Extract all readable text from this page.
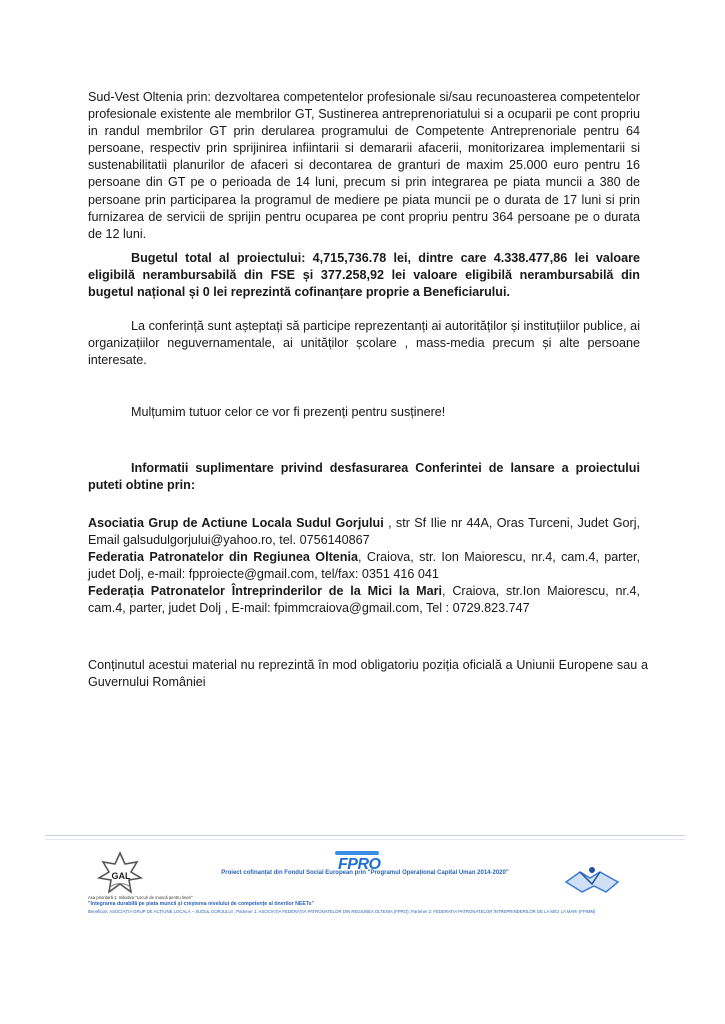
Sud-Vest Oltenia prin: dezvoltarea competentelor profesionale si/sau recunoasterea competentelor profesionale existente ale membrilor GT, Sustinerea antreprenoriatului si a ocuparii pe cont propriu in randul membrilor GT prin derularea programului de Competente Antreprenoriale pentru 64 persoane, respectiv prin sprijinirea infiintarii si demararii afacerii, monitorizarea implementarii si sustenabilitatii planurilor de afaceri si decontarea de granturi de maxim 25.000 euro pentru 16 persoane din GT pe o perioada de 14 luni, precum si prin integrarea pe piata muncii a 380 de persoane prin participarea la programul de mediere pe piata muncii pe o durata de 17 luni si prin furnizarea de servicii de sprijin pentru ocuparea pe cont propriu pentru 364 persoane pe o durata de 12 luni.

Bugetul total al proiectului: 4,715,736.78 lei, dintre care 4.338.477,86 lei valoare eligibilă nerambursabilă din FSE și 377.258,92 lei valoare eligibilă nerambursabilă din bugetul național și 0 lei reprezintă cofinanțare proprie a Beneficiarului.

La conferință sunt așteptați să participe reprezentanți ai autorităților și instituțiilor publice, ai organizațiilor neguvernamentale, ai unităților școlare , mass-media precum și alte persoane interesate.

Mulțumim tutuor celor ce vor fi prezenți pentru susținere!

Informatii suplimentare privind desfasurarea Conferintei de lansare a proiectului puteti obtine prin:

Asociatia Grup de Actiune Locala Sudul Gorjului , str Sf Ilie nr 44A, Oras Turceni, Judet Gorj, Email galsudulgorjului@yahoo.ro, tel. 0756140867
Federatia Patronatelor din Regiunea Oltenia, Craiova, str. Ion Maiorescu, nr.4, cam.4, parter, judet Dolj, e-mail: fpproiecte@gmail.com, tel/fax: 0351 416 041
Federația Patronatelor Întreprinderilor de la Mici la Mari, Craiova, str.Ion Maiorescu, nr.4, cam.4, parter, judet Dolj , E-mail: fpimmcraiova@gmail.com, Tel : 0729.823.747

Conținutul acestui material nu reprezintă în mod obligatoriu poziția oficială a Uniunii Europene sau a Guvernului României

GAL
FPRO
Proiect cofinanțat din Fondul Social European prin "Programul Operațional Capital Uman 2014-2020"
Axa prioritară 1: Inițiativa "Locuri de muncă pentru tineri"
"Integrarea durabilă pe piata muncii și creșterea nivelului de competențe al tinerilor NEETs"
Beneficiar: ASOCIAȚIA GRUP DE ACȚIUNE LOCALĂ – SUDUL GORJULUI ; Partener 1: ASOCIAȚIA FEDERAȚIA PATRONATELOR DIN REGIUNEA OLTENIA (FPRO); Partener 2: FEDERATIA PATRONATELOR ÎNTREPRINDERILOR DE LA MICI LA MARI (FPIMM)
